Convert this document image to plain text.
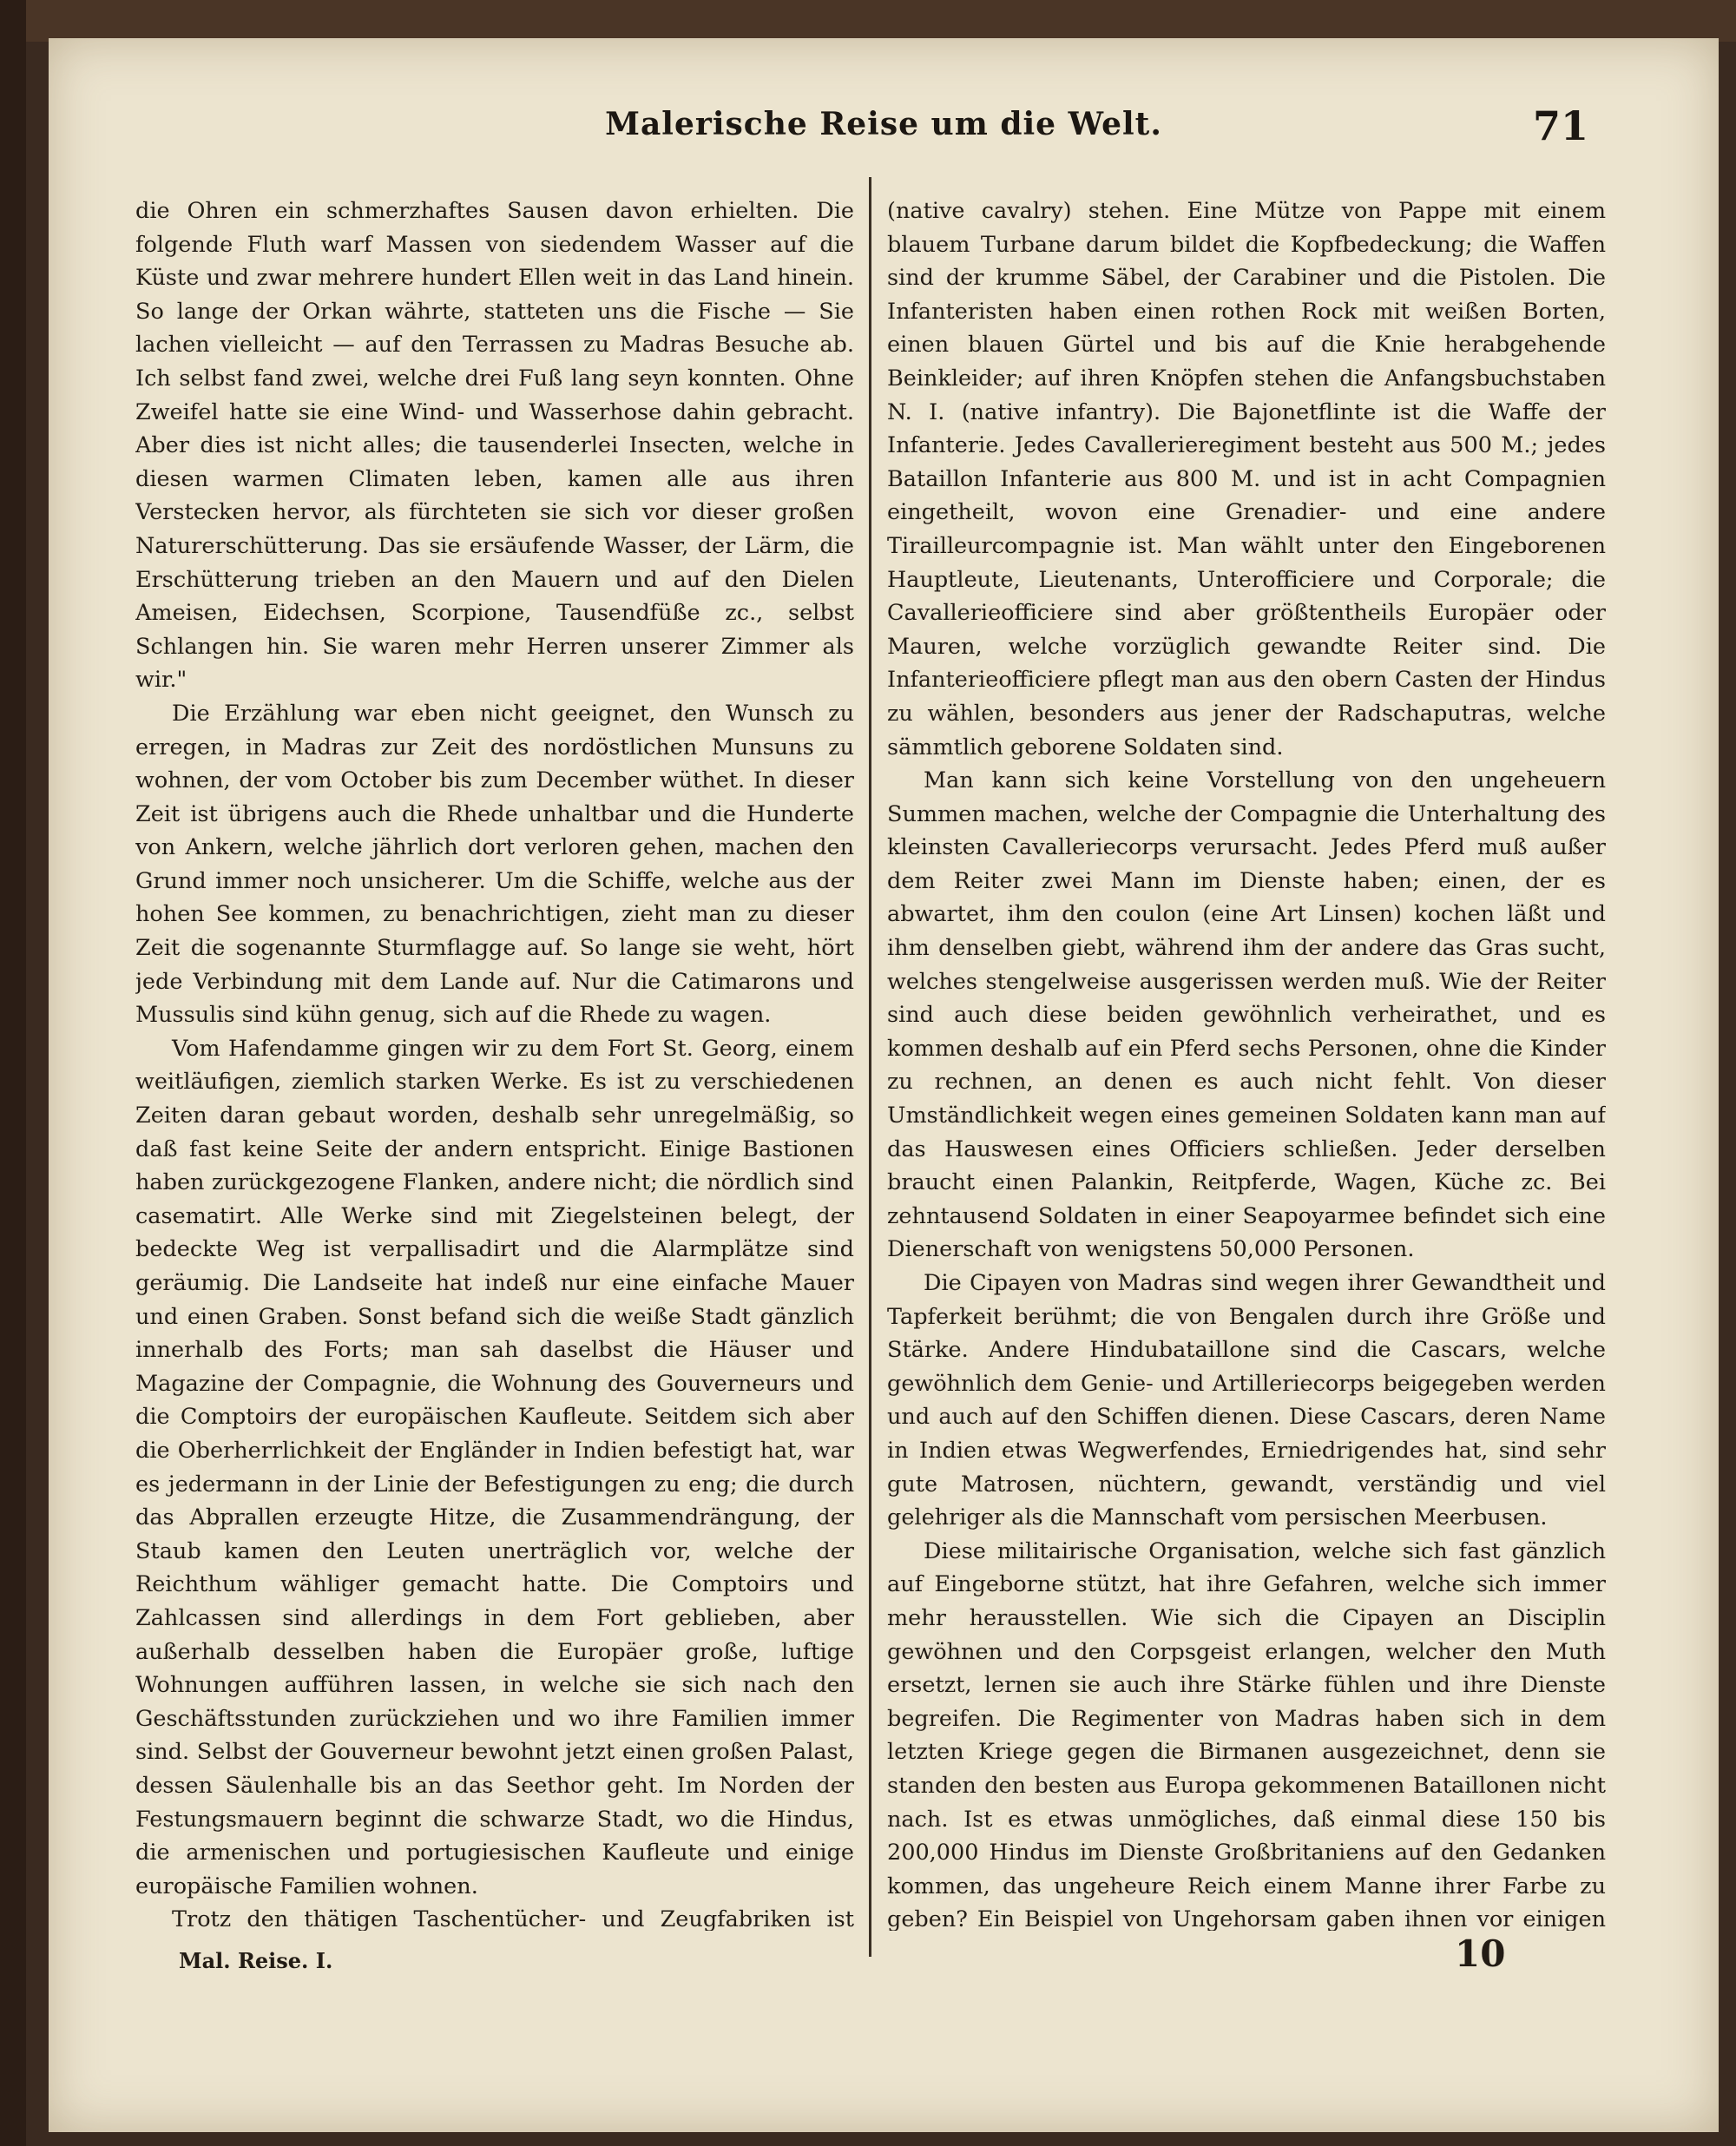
Malerische Reise um die Welt.	71

die Ohren ein schmerzhaftes Sausen davon erhielten. Die folgende Fluth warf Massen von siedendem Wasser auf die Küste und zwar mehrere hundert Ellen weit in das Land hinein. So lange der Orkan währte, statteten uns die Fische — Sie lachen vielleicht — auf den Terrassen zu Madras Besuche ab. Ich selbst fand zwei, welche drei Fuß lang seyn konnten. Ohne Zweifel hatte sie eine Wind- und Wasserhose dahin gebracht. Aber dies ist nicht alles; die tausenderlei Insecten, welche in diesen warmen Climaten leben, kamen alle aus ihren Verstecken hervor, als fürchteten sie sich vor dieser großen Naturerschütterung. Das sie ersäufende Wasser, der Lärm, die Erschütterung trieben an den Mauern und auf den Dielen Ameisen, Eidechsen, Scorpione, Tausendfüße zc., selbst Schlangen hin. Sie waren mehr Herren unserer Zimmer als wir."

Die Erzählung war eben nicht geeignet, den Wunsch zu erregen, in Madras zur Zeit des nordöstlichen Munsuns zu wohnen, der vom October bis zum December wüthet. In dieser Zeit ist übrigens auch die Rhede unhaltbar und die Hunderte von Ankern, welche jährlich dort verloren gehen, machen den Grund immer noch unsicherer. Um die Schiffe, welche aus der hohen See kommen, zu benachrichtigen, zieht man zu dieser Zeit die sogenannte Sturmflagge auf. So lange sie weht, hört jede Verbindung mit dem Lande auf. Nur die Catimarons und Mussulis sind kühn genug, sich auf die Rhede zu wagen.

Vom Hafendamme gingen wir zu dem Fort St. Georg, einem weitläufigen, ziemlich starken Werke. Es ist zu verschiedenen Zeiten daran gebaut worden, deshalb sehr unregelmäßig, so daß fast keine Seite der andern entspricht. Einige Bastionen haben zurückgezogene Flanken, andere nicht; die nördlich sind casematirt. Alle Werke sind mit Ziegelsteinen belegt, der bedeckte Weg ist verpallisadirt und die Alarmplätze sind geräumig. Die Landseite hat indeß nur eine einfache Mauer und einen Graben. Sonst befand sich die weiße Stadt gänzlich innerhalb des Forts; man sah daselbst die Häuser und Magazine der Compagnie, die Wohnung des Gouverneurs und die Comptoirs der europäischen Kaufleute. Seitdem sich aber die Oberherrlichkeit der Engländer in Indien befestigt hat, war es jedermann in der Linie der Befestigungen zu eng; die durch das Abprallen erzeugte Hitze, die Zusammendrängung, der Staub kamen den Leuten unerträglich vor, welche der Reichthum wähliger gemacht hatte. Die Comptoirs und Zahlcassen sind allerdings in dem Fort geblieben, aber außerhalb desselben haben die Europäer große, luftige Wohnungen aufführen lassen, in welche sie sich nach den Geschäftsstunden zurückziehen und wo ihre Familien immer sind. Selbst der Gouverneur bewohnt jetzt einen großen Palast, dessen Säulenhalle bis an das Seethor geht. Im Norden der Festungsmauern beginnt die schwarze Stadt, wo die Hindus, die armenischen und portugiesischen Kaufleute und einige europäische Familien wohnen.

Trotz den thätigen Taschentücher- und Zeugfabriken ist

(native cavalry) stehen. Eine Mütze von Pappe mit einem blauem Turbane darum bildet die Kopfbedeckung; die Waffen sind der krumme Säbel, der Carabiner und die Pistolen. Die Infanteristen haben einen rothen Rock mit weißen Borten, einen blauen Gürtel und bis auf die Knie herabgehende Beinkleider; auf ihren Knöpfen stehen die Anfangsbuchstaben N. I. (native infantry). Die Bajonetflinte ist die Waffe der Infanterie. Jedes Cavallerieregiment besteht aus 500 M.; jedes Bataillon Infanterie aus 800 M. und ist in acht Compagnien eingetheilt, wovon eine Grenadier- und eine andere Tirailleurcompagnie ist. Man wählt unter den Eingeborenen Hauptleute, Lieutenants, Unterofficiere und Corporale; die Cavallerieofficiere sind aber größtentheils Europäer oder Mauren, welche vorzüglich gewandte Reiter sind. Die Infanterieofficiere pflegt man aus den obern Casten der Hindus zu wählen, besonders aus jener der Radschaputras, welche sämmtlich geborene Soldaten sind.

Man kann sich keine Vorstellung von den ungeheuern Summen machen, welche der Compagnie die Unterhaltung des kleinsten Cavalleriecorps verursacht. Jedes Pferd muß außer dem Reiter zwei Mann im Dienste haben; einen, der es abwartet, ihm den coulon (eine Art Linsen) kochen läßt und ihm denselben giebt, während ihm der andere das Gras sucht, welches stengelweise ausgerissen werden muß. Wie der Reiter sind auch diese beiden gewöhnlich verheirathet, und es kommen deshalb auf ein Pferd sechs Personen, ohne die Kinder zu rechnen, an denen es auch nicht fehlt. Von dieser Umständlichkeit wegen eines gemeinen Soldaten kann man auf das Hauswesen eines Officiers schließen. Jeder derselben braucht einen Palankin, Reitpferde, Wagen, Küche zc. Bei zehntausend Soldaten in einer Seapoyarmee befindet sich eine Dienerschaft von wenigstens 50,000 Personen.

Die Cipayen von Madras sind wegen ihrer Gewandtheit und Tapferkeit berühmt; die von Bengalen durch ihre Größe und Stärke. Andere Hindubataillone sind die Cascars, welche gewöhnlich dem Genie- und Artilleriecorps beigegeben werden und auch auf den Schiffen dienen. Diese Cascars, deren Name in Indien etwas Wegwerfendes, Erniedrigendes hat, sind sehr gute Matrosen, nüchtern, gewandt, verständig und viel gelehriger als die Mannschaft vom persischen Meerbusen.

Diese militairische Organisation, welche sich fast gänzlich auf Eingeborne stützt, hat ihre Gefahren, welche sich immer mehr herausstellen. Wie sich die Cipayen an Disciplin gewöhnen und den Corpsgeist erlangen, welcher den Muth ersetzt, lernen sie auch ihre Stärke fühlen und ihre Dienste begreifen. Die Regimenter von Madras haben sich in dem letzten Kriege gegen die Birmanen ausgezeichnet, denn sie standen den besten aus Europa gekommenen Bataillonen nicht nach. Ist es etwas unmögliches, daß einmal diese 150 bis 200,000 Hindus im Dienste Großbritaniens auf den Gedanken kommen, das ungeheure Reich einem Manne ihrer Farbe zu geben? Ein Beispiel von Ungehorsam gaben ihnen vor einigen

Mal. Reise. I.	10
